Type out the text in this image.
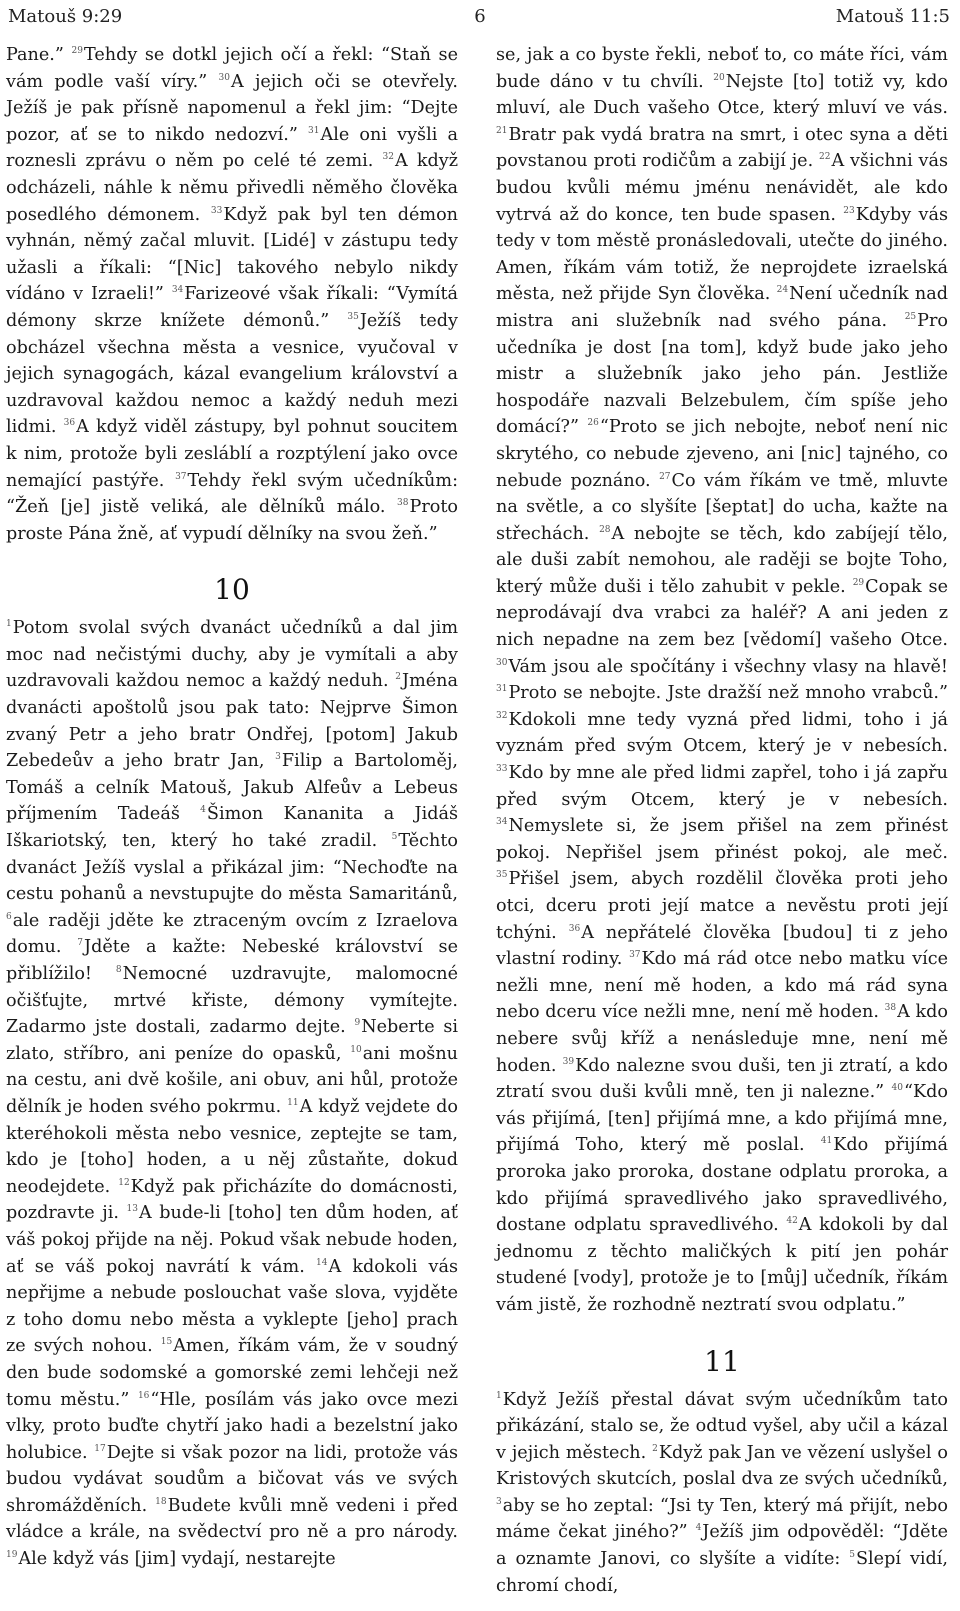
Matouš 9:29	6	Matouš 11:5

Pane.” $^{29}$Tehdy se dotkl jejich očí a řekl: “Staň se vám podle vaší víry.” $^{30}$A jejich oči se otevřely. Ježíš je pak přísně napomenul a řekl jim: “Dejte pozor, ať se to nikdo nedozví.” $^{31}$Ale oni vyšli a roznesli zprávu o něm po celé té zemi. $^{32}$A když odcházeli, náhle k němu přivedli něměho člověka posedlého démonem. $^{33}$Když pak byl ten démon vyhnán, němý začal mluvit. [Lidé] v zástupu tedy užasli a říkali: “[Nic] takového nebylo nikdy vídáno v Izraeli!” $^{34}$Farizeové však říkali: “Vymítá démony skrze knížete démonů.” $^{35}$Ježíš tedy obcházel všechna města a vesnice, vyučoval v jejich synagogách, kázal evangelium království a uzdravoval každou nemoc a každý neduh mezi lidmi. $^{36}$A když viděl zástupy, byl pohnut soucitem k nim, protože byli zesláblí a rozptýlení jako ovce nemající pastýře. $^{37}$Tehdy řekl svým učedníkům: “Žeň [je] jistě veliká, ale dělníků málo. $^{38}$Proto proste Pána žně, ať vypudí dělníky na svou žeň.”

10

$^1$Potom svolal svých dvanáct učedníků a dal jim moc nad nečistými duchy, aby je vymítali a aby uzdravovali každou nemoc a každý neduh. $^2$Jména dvanácti apoštolů jsou pak tato: Nejprve Šimon zvaný Petr a jeho bratr Ondřej, [potom] Jakub Zebedeův a jeho bratr Jan, $^3$Filip a Bartoloměj, Tomáš a celník Matouš, Jakub Alfeův a Lebeus příjmením Tadeáš $^4$Šimon Kananita a Jidáš Iškariotský, ten, který ho také zradil. $^5$Těchto dvanáct Ježíš vyslal a přikázal jim: “Nechoďte na cestu pohanů a nevstupujte do města Samaritánů, $^6$ale raději jděte ke ztraceným ovcím z Izraelova domu. $^7$Jděte a kažte: Nebeské království se přiblížilo! $^8$Nemocné uzdravujte, malomocné očišťujte, mrtvé křiste, démony vymítejte. Zadarmo jste dostali, zadarmo dejte. $^9$Neberte si zlato, stříbro, ani peníze do opasků, $^{10}$ani mošnu na cestu, ani dvě košile, ani obuv, ani hůl, protože dělník je hoden svého pokrmu. $^{11}$A když vejdete do kteréhokoli města nebo vesnice, zeptejte se tam, kdo je [toho] hoden, a u něj zůstaňte, dokud neodejdete. $^{12}$Když pak přicházíte do domácnosti, pozdravte ji. $^{13}$A bude-li [toho] ten dům hoden, ať váš pokoj přijde na něj. Pokud však nebude hoden, ať se váš pokoj navrátí k vám. $^{14}$A kdokoli vás nepřijme a nebude poslouchat vaše slova, vyjděte z toho domu nebo města a vyklepte [jeho] prach ze svých nohou. $^{15}$Amen, říkám vám, že v soudný den bude sodomské a gomorské zemi lehčeji než tomu městu.” $^{16}$“Hle, posílám vás jako ovce mezi vlky, proto buďte chytří jako hadi a bezelstní jako holubice. $^{17}$Dejte si však pozor na lidi, protože vás budou vydávat soudům a bičovat vás ve svých shromážděních. $^{18}$Budete kvůli mně vedeni i před vládce a krále, na svědectví pro ně a pro národy. $^{19}$Ale když vás [jim] vydají, nestarejte

se, jak a co byste řekli, neboť to, co máte říci, vám bude dáno v tu chvíli. $^{20}$Nejste [to] totiž vy, kdo mluví, ale Duch vašeho Otce, který mluví ve vás. $^{21}$Bratr pak vydá bratra na smrt, i otec syna a děti povstanou proti rodičům a zabijí je. $^{22}$A všichni vás budou kvůli mému jménu nenávidět, ale kdo vytrvá až do konce, ten bude spasen. $^{23}$Kdyby vás tedy v tom městě pronásledovali, utečte do jiného. Amen, říkám vám totiž, že neprojdete izraelská města, než přijde Syn člověka. $^{24}$Není učedník nad mistra ani služebník nad svého pána. $^{25}$Pro učedníka je dost [na tom], když bude jako jeho mistr a služebník jako jeho pán. Jestliže hospodáře nazvali Belzebulem, čím spíše jeho domácí?” $^{26}$“Proto se jich nebojte, neboť není nic skrytého, co nebude zjeveno, ani [nic] tajného, co nebude poznáno. $^{27}$Co vám říkám ve tmě, mluvte na světle, a co slyšíte [šeptat] do ucha, kažte na střechách. $^{28}$A nebojte se těch, kdo zabíjejí tělo, ale duši zabít nemohou, ale raději se bojte Toho, který může duši i tělo zahubit v pekle. $^{29}$Copak se neprodávají dva vrabci za haléř? A ani jeden z nich nepadne na zem bez [vědomí] vašeho Otce. $^{30}$Vám jsou ale spočítány i všechny vlasy na hlavě! $^{31}$Proto se nebojte. Jste dražší než mnoho vrabců.” $^{32}$Kdokoli mne tedy vyzná před lidmi, toho i já vyznám před svým Otcem, který je v nebesích. $^{33}$Kdo by mne ale před lidmi zapřel, toho i já zapřu před svým Otcem, který je v nebesích. $^{34}$Nemyslete si, že jsem přišel na zem přinést pokoj. Nepřišel jsem přinést pokoj, ale meč. $^{35}$Přišel jsem, abych rozdělil člověka proti jeho otci, dceru proti její matce a nevěstu proti její tchýni. $^{36}$A nepřátelé člověka [budou] ti z jeho vlastní rodiny. $^{37}$Kdo má rád otce nebo matku více nežli mne, není mě hoden, a kdo má rád syna nebo dceru více nežli mne, není mě hoden. $^{38}$A kdo nebere svůj kříž a nenásleduje mne, není mě hoden. $^{39}$Kdo nalezne svou duši, ten ji ztratí, a kdo ztratí svou duši kvůli mně, ten ji nalezne.” $^{40}$“Kdo vás přijímá, [ten] přijímá mne, a kdo přijímá mne, přijímá Toho, který mě poslal. $^{41}$Kdo přijímá proroka jako proroka, dostane odplatu proroka, a kdo přijímá spravedlivého jako spravedlivého, dostane odplatu spravedlivého. $^{42}$A kdokoli by dal jednomu z těchto maličkých k pití jen pohár studené [vody], protože je to [můj] učedník, říkám vám jistě, že rozhodně neztratí svou odplatu.”

11

$^1$Když Ježíš přestal dávat svým učedníkům tato přikázání, stalo se, že odtud vyšel, aby učil a kázal v jejich městech. $^2$Když pak Jan ve vězení uslyšel o Kristových skutcích, poslal dva ze svých učedníků, $^3$aby se ho zeptal: “Jsi ty Ten, který má přijít, nebo máme čekat jiného?” $^4$Ježíš jim odpověděl: “Jděte a oznamte Janovi, co slyšíte a vidíte: $^5$Slepí vidí, chromí chodí,
